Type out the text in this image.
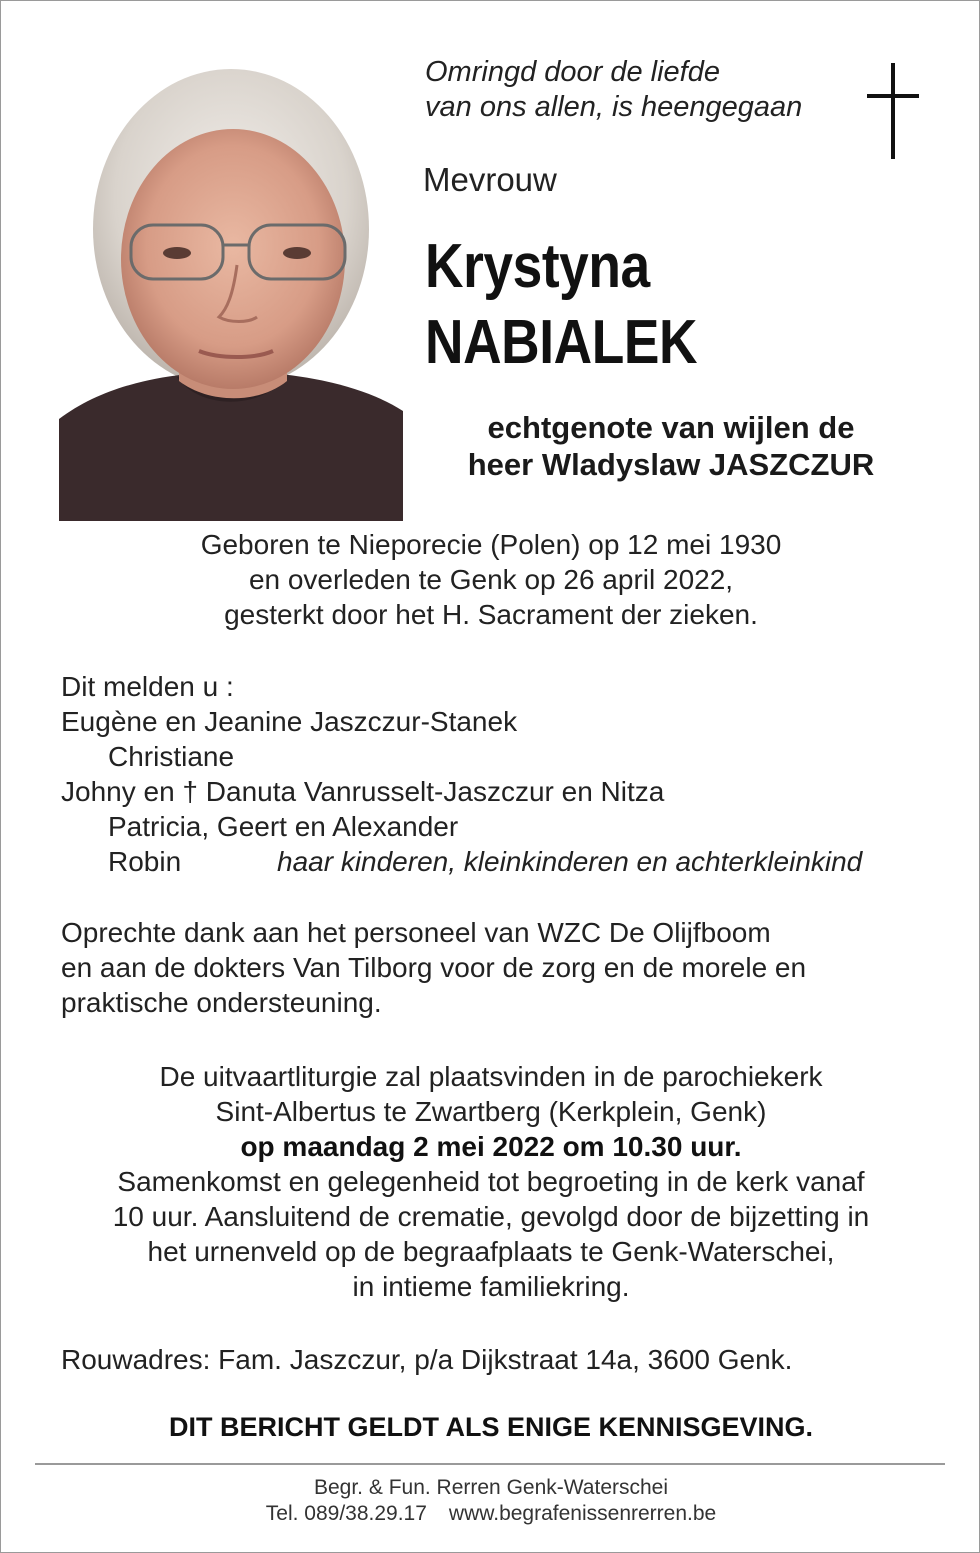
Omringd door de liefde
van ons allen, is heengegaan

Mevrouw

Krystyna
NABIALEK

echtgenote van wijlen de
heer Wladyslaw JASZCZUR

Geboren te Nieporecie (Polen) op 12 mei 1930
en overleden te Genk op 26 april 2022,
gesterkt door het H. Sacrament der zieken.

Dit melden u :
Eugène en Jeanine Jaszczur-Stanek
Christiane
Johny en † Danuta Vanrusselt-Jaszczur en Nitza
Patricia, Geert en Alexander
Robin	haar kinderen, kleinkinderen en achterkleinkind

Oprechte dank aan het personeel van WZC De Olijfboom
en aan de dokters Van Tilborg voor de zorg en de morele en
praktische ondersteuning.

De uitvaartliturgie zal plaatsvinden in de parochiekerk
Sint-Albertus te Zwartberg (Kerkplein, Genk)
op maandag 2 mei 2022 om 10.30 uur.
Samenkomst en gelegenheid tot begroeting in de kerk vanaf
10 uur. Aansluitend de crematie, gevolgd door de bijzetting in
het urnenveld op de begraafplaats te Genk-Waterschei,
in intieme familiekring.

Rouwadres: Fam. Jaszczur, p/a Dijkstraat 14a, 3600 Genk.

DIT BERICHT GELDT ALS ENIGE KENNISGEVING.

Begr. & Fun. Rerren Genk-Waterschei
Tel. 089/38.29.17 www.begrafenissenrerren.be
